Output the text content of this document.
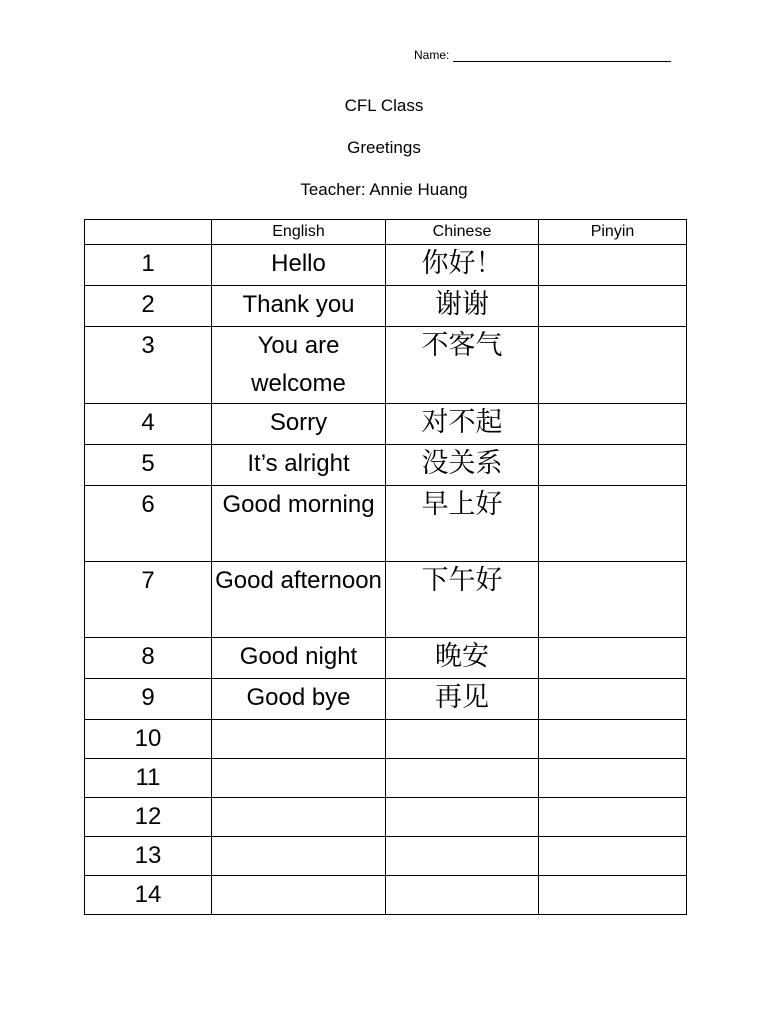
Name:
CFL Class
Greetings
Teacher: Annie Huang
	English	Chinese	Pinyin
1	Hello	你好！	
2	Thank you	谢谢	
3	You are welcome	不客气	
4	Sorry	对不起	
5	It’s alright	没关系	
6	Good morning	早上好	
7	Good afternoon	下午好	
8	Good night	晚安	
9	Good bye	再见	
10			
11			
12			
13			
14			
